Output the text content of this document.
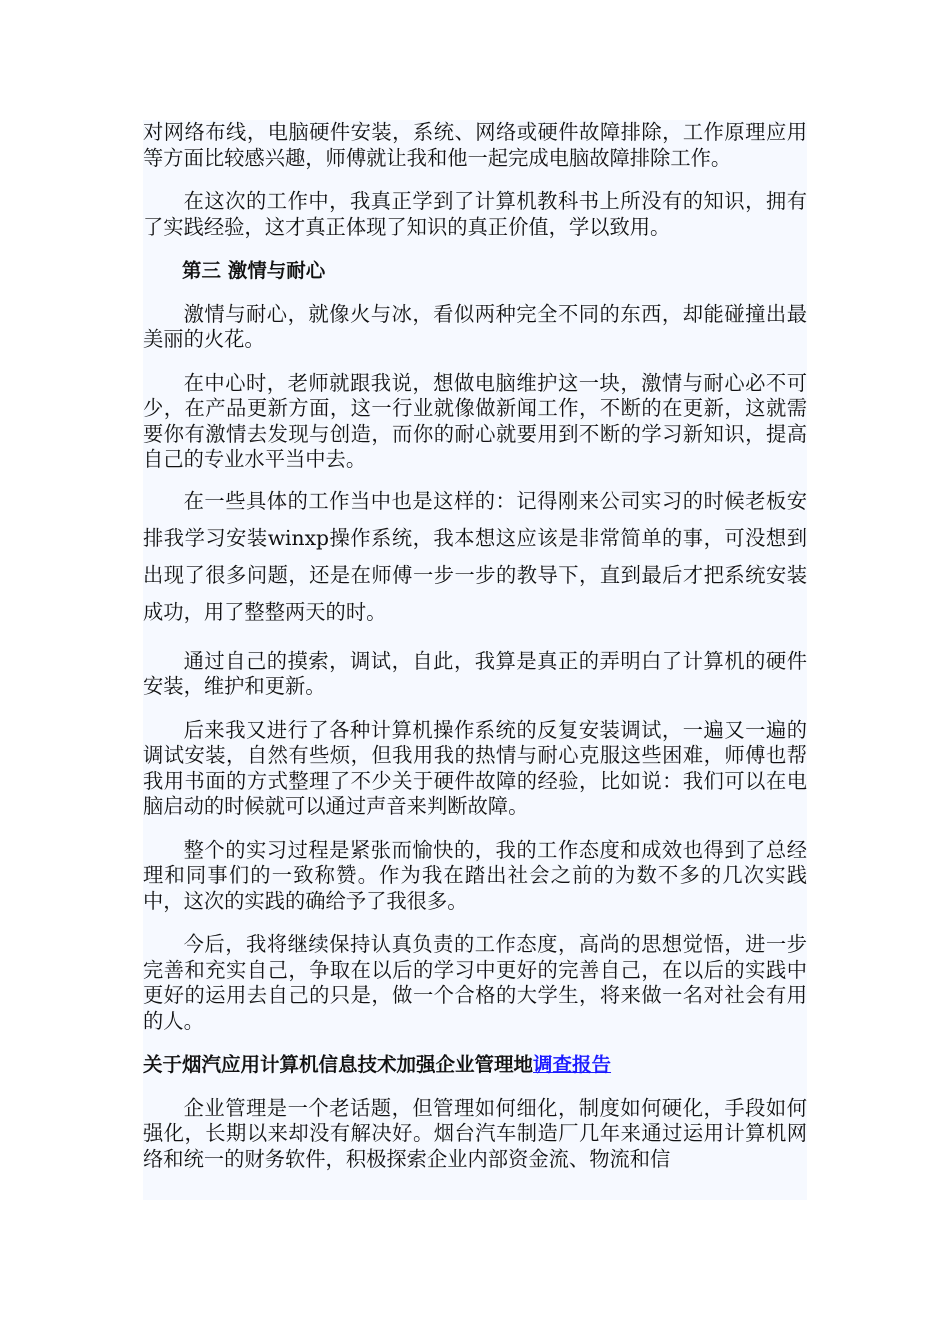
对网络布线，电脑硬件安装，系统、网络或硬件故障排除，工作原理应用等方面比较感兴趣，师傅就让我和他一起完成电脑故障排除工作。

在这次的工作中，我真正学到了计算机教科书上所没有的知识，拥有了实践经验，这才真正体现了知识的真正价值，学以致用。

第三 激情与耐心

激情与耐心，就像火与冰，看似两种完全不同的东西，却能碰撞出最美丽的火花。

在中心时，老师就跟我说，想做电脑维护这一块，激情与耐心必不可少，在产品更新方面，这一行业就像做新闻工作，不断的在更新，这就需要你有激情去发现与创造，而你的耐心就要用到不断的学习新知识，提高自己的专业水平当中去。

在一些具体的工作当中也是这样的：记得刚来公司实习的时候老板安排我学习安装winxp操作系统，我本想这应该是非常简单的事，可没想到出现了很多问题，还是在师傅一步一步的教导下，直到最后才把系统安装成功，用了整整两天的时。

通过自己的摸索，调试，自此，我算是真正的弄明白了计算机的硬件安装，维护和更新。

后来我又进行了各种计算机操作系统的反复安装调试，一遍又一遍的调试安装，自然有些烦，但我用我的热情与耐心克服这些困难，师傅也帮我用书面的方式整理了不少关于硬件故障的经验，比如说：我们可以在电脑启动的时候就可以通过声音来判断故障。

整个的实习过程是紧张而愉快的，我的工作态度和成效也得到了总经理和同事们的一致称赞。作为我在踏出社会之前的为数不多的几次实践中，这次的实践的确给予了我很多。

今后，我将继续保持认真负责的工作态度，高尚的思想觉悟，进一步完善和充实自己，争取在以后的学习中更好的完善自己，在以后的实践中更好的运用去自己的只是，做一个合格的大学生，将来做一名对社会有用的人。

关于烟汽应用计算机信息技术加强企业管理地调查报告

企业管理是一个老话题，但管理如何细化，制度如何硬化，手段如何强化，长期以来却没有解决好。烟台汽车制造厂几年来通过运用计算机网络和统一的财务软件，积极探索企业内部资金流、物流和信
